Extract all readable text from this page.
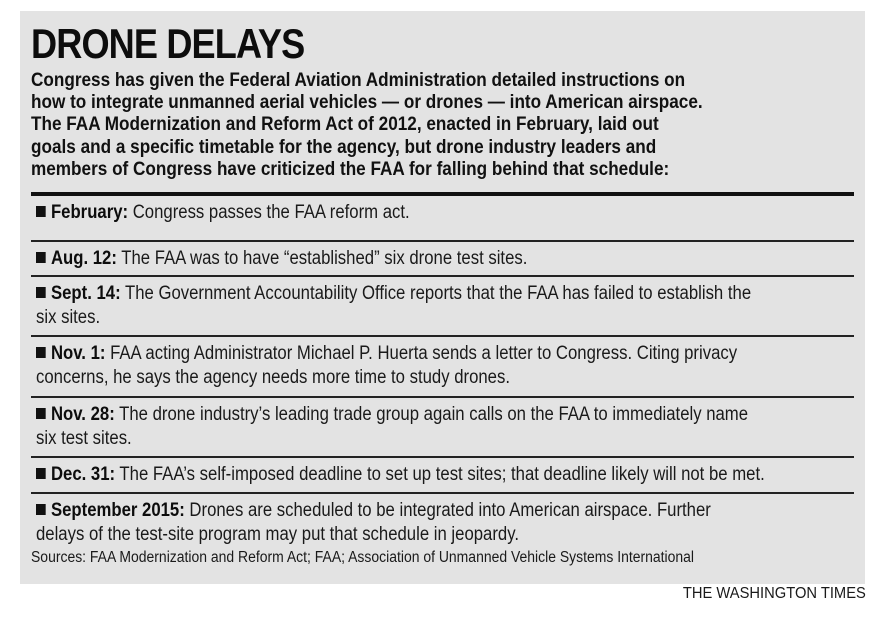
DRONE DELAYS

Congress has given the Federal Aviation Administration detailed instructions on
how to integrate unmanned aerial vehicles — or drones — into American airspace.
The FAA Modernization and Reform Act of 2012, enacted in February, laid out
goals and a specific timetable for the agency, but drone industry leaders and
members of Congress have criticized the FAA for falling behind that schedule:

February: Congress passes the FAA reform act.
Aug. 12: The FAA was to have “established” six drone test sites.
Sept. 14: The Government Accountability Office reports that the FAA has failed to establish the
six sites.
Nov. 1: FAA acting Administrator Michael P. Huerta sends a letter to Congress. Citing privacy
concerns, he says the agency needs more time to study drones.
Nov. 28: The drone industry’s leading trade group again calls on the FAA to immediately name
six test sites.
Dec. 31: The FAA’s self-imposed deadline to set up test sites; that deadline likely will not be met.
September 2015: Drones are scheduled to be integrated into American airspace. Further
delays of the test-site program may put that schedule in jeopardy.

Sources: FAA Modernization and Reform Act; FAA; Association of Unmanned Vehicle Systems International

THE WASHINGTON TIMES
